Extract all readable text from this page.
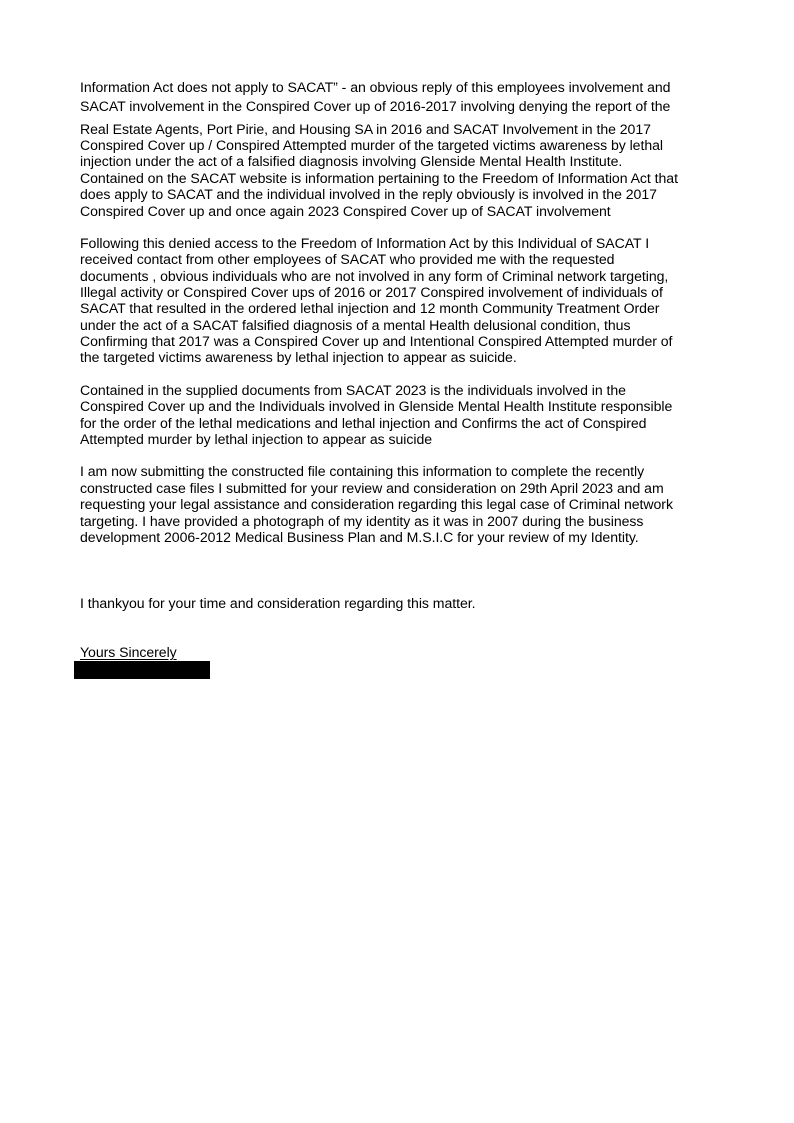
Information Act does not apply to SACAT” - an obvious reply of this employees involvement and
SACAT involvement in the Conspired Cover up of 2016-2017 involving denying the report of the
Real Estate Agents, Port Pirie, and Housing SA in 2016 and SACAT Involvement in the 2017
Conspired Cover up / Conspired Attempted murder of the targeted victims awareness by lethal
injection under the act of a falsified diagnosis involving Glenside Mental Health Institute.
Contained on the SACAT website is information pertaining to the Freedom of Information Act that
does apply to SACAT and the individual involved in the reply obviously is involved in the 2017
Conspired Cover up and once again 2023 Conspired Cover up of SACAT involvement
Following this denied access to the Freedom of Information Act by this Individual of SACAT I
received contact from other employees of SACAT who provided me with the requested
documents , obvious individuals who are not involved in any form of Criminal network targeting,
Illegal activity or Conspired Cover ups of 2016 or 2017 Conspired involvement of individuals of
SACAT that resulted in the ordered lethal injection and 12 month Community Treatment Order
under the act of a SACAT falsified diagnosis of a mental Health delusional condition, thus
Confirming that 2017 was a Conspired Cover up and Intentional Conspired Attempted murder of
the targeted victims awareness by lethal injection to appear as suicide.
Contained in the supplied documents from SACAT 2023 is the individuals involved in the
Conspired Cover up and the Individuals involved in Glenside Mental Health Institute responsible
for the order of the lethal medications and lethal injection and Confirms the act of Conspired
Attempted murder by lethal injection to appear as suicide
I am now submitting the constructed file containing this information to complete the recently
constructed case files I submitted for your review and consideration on 29th April 2023 and am
requesting your legal assistance and consideration regarding this legal case of Criminal network
targeting. I have provided a photograph of my identity as it was in 2007 during the business
development 2006-2012 Medical Business Plan and M.S.I.C for your review of my Identity.
I thankyou for your time and consideration regarding this matter.
Yours Sincerely
